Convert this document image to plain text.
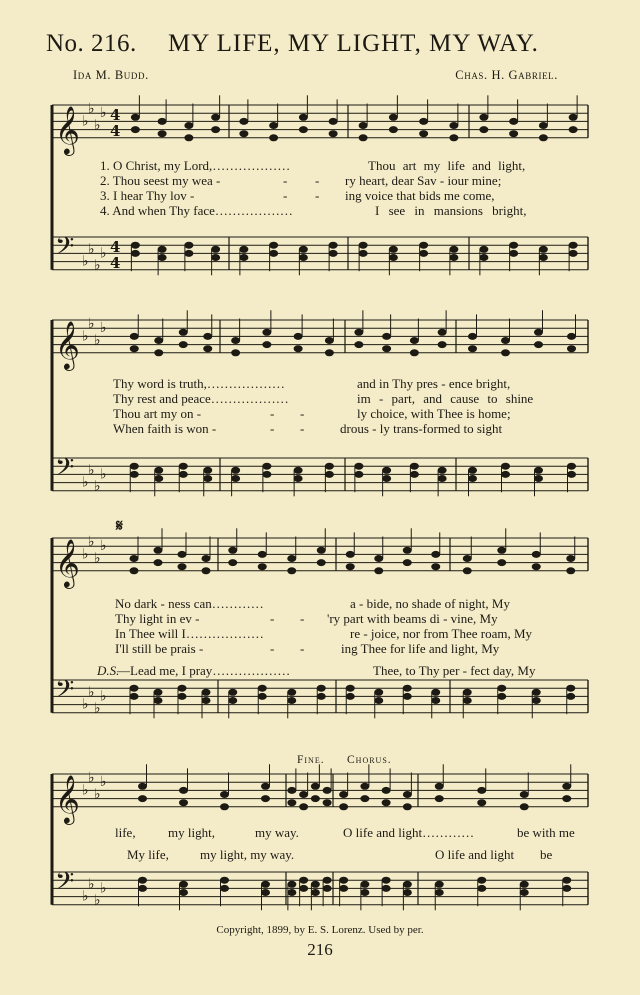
No. 216. MY LIFE, MY LIGHT, MY WAY.
Ida M. Budd.	Chas. H. Gabriel.
𝄞 ♭
♭
♭
♭ 4
4
𝄢 ♭
♭
♭
♭ 4
4
𝄞 ♭
♭
♭
♭
𝄢 ♭
♭
♭
♭
𝄞 ♭
♭
♭
♭
𝄢 ♭
♭
♭
♭
𝄞 ♭
♭
♭
♭
𝄢 ♭
♭
♭
♭
1. O Christ, my Lord,………………	Thou art my life and light,
2. Thou seest my wea -	- - ry heart, dear Sav - iour mine;
3. I hear Thy lov -	- - ing voice that bids me come,
4. And when Thy face………………	I see in mansions bright,
Thy word is truth,………………	and in Thy pres - ence bright,
Thy rest and peace………………	im - part, and cause to shine
Thou art my on -	- -	ly choice, with Thee is home;
When faith is won -	- -	drous - ly trans-formed to sight
𝄋
No dark - ness can…………	a - bide, no shade of night, My
Thy light in ev -	- - 'ry part with beams di - vine, My
In Thee will I………………	re - joice, nor from Thee roam, My
I'll still be prais -	- -	ing Thee for life and light, My
D.S.
—Lead me, I pray………………	Thee, to Thy per - fect day, My
Fine. Chorus.
life, my light,	my way.	O life and light…………	be with me
My life, my light, my way.	O life and light be
Copyright, 1899, by E. S. Lorenz. Used by per.
216
